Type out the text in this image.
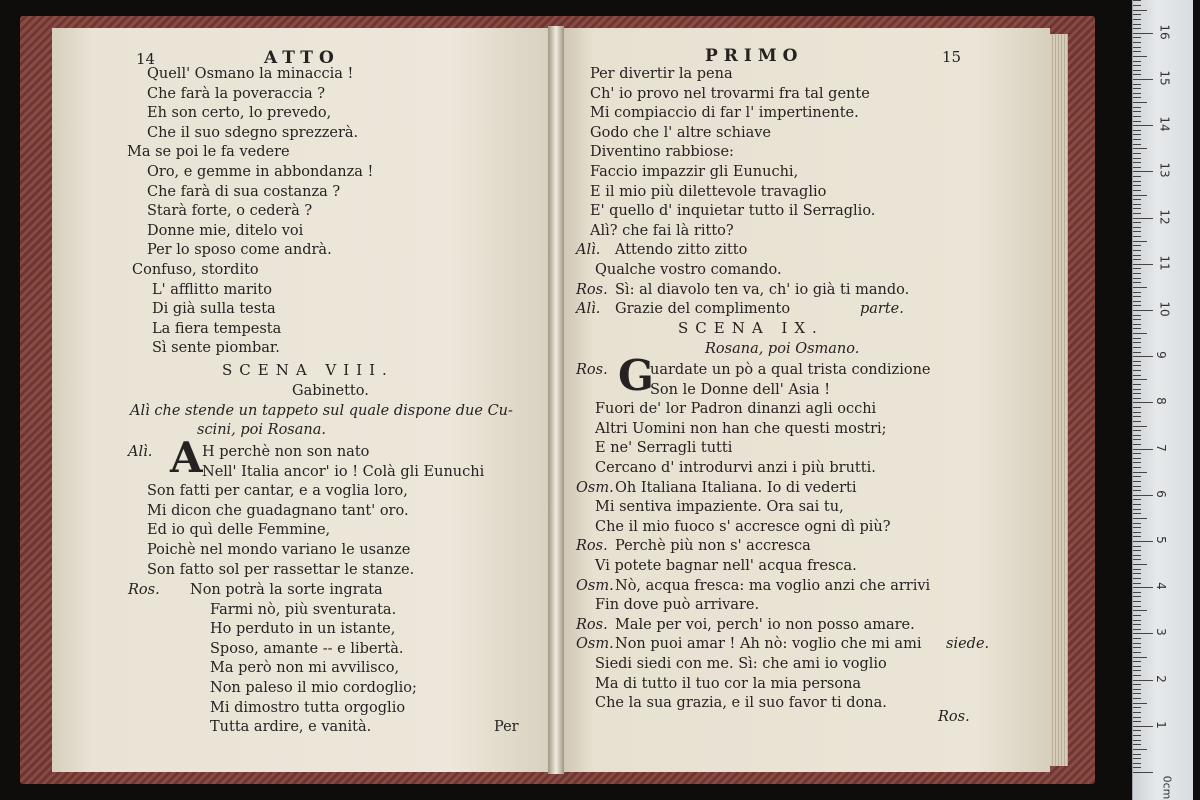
14	ATTO
Quell' Osmano la minaccia !
Che farà la poveraccia ?
Eh son certo, lo prevedo,
Che il suo sdegno sprezzerà.
Ma se poi le fa vedere
Oro, e gemme in abbondanza !
Che farà di sua costanza ?
Starà forte, o cederà ?
Donne mie, ditelo voi
Per lo sposo come andrà.
Confuso, stordito
L' afflitto marito
Di già sulla testa
La fiera tempesta
Sì sente piombar.
SCENA VIII.
Gabinetto.
Alì che stende un tappeto sul quale dispone due Cu-
scini, poi Rosana.
Alì. A H perchè non son nato
Nell' Italia ancor' io ! Colà gli Eunuchi
Son fatti per cantar, e a voglia loro,
Mi dicon che guadagnano tant' oro.
Ed io quì delle Femmine,
Poichè nel mondo variano le usanze
Son fatto sol per rassettar le stanze.
Ros. Non potrà la sorte ingrata
Farmi nò, più sventurata.
Ho perduto in un istante,
Sposo, amante -- e libertà.
Ma però non mi avvilisco,
Non paleso il mio cordoglio;
Mi dimostro tutta orgoglio
Tutta ardire, e vanità.	Per
PRIMO	15
Per divertir la pena
Ch' io provo nel trovarmi fra tal gente
Mi compiaccio di far l' impertinente.
Godo che l' altre schiave
Diventino rabbiose:
Faccio impazzir gli Eunuchi,
E il mio più dilettevole travaglio
E' quello d' inquietar tutto il Serraglio.
Alì? che fai là ritto?
Alì. Attendo zitto zitto
Qualche vostro comando.
Ros. Sì: al diavolo ten va, ch' io già ti mando.
Alì. Grazie del complimento	parte.
SCENA IX.
Rosana, poi Osmano.
Ros. G
uardate un pò a qual trista condizione
Son le Donne dell' Asia !
Fuori de' lor Padron dinanzi agli occhi
Altri Uomini non han che questi mostri;
E ne' Serragli tutti
Cercano d' introdurvi anzi i più brutti.
Osm. Oh Italiana Italiana. Io di vederti
Mi sentiva impaziente. Ora sai tu,
Che il mio fuoco s' accresce ogni dì più?
Ros. Perchè più non s' accresca
Vi potete bagnar nell' acqua fresca.
Osm. Nò, acqua fresca: ma voglio anzi che arrivi
Fin dove può arrivare.
Ros. Male per voi, perch' io non posso amare.
Osm. Non puoi amar ! Ah nò: voglio che mi ami siede.
Siedi siedi con me. Sì: che ami io voglio
Ma di tutto il tuo cor la mia persona
Che la sua grazia, e il suo favor ti dona.
Ros.
0cm
1
2
3
4
5
6
7
8
9
10
11
12
13
14
15
16
